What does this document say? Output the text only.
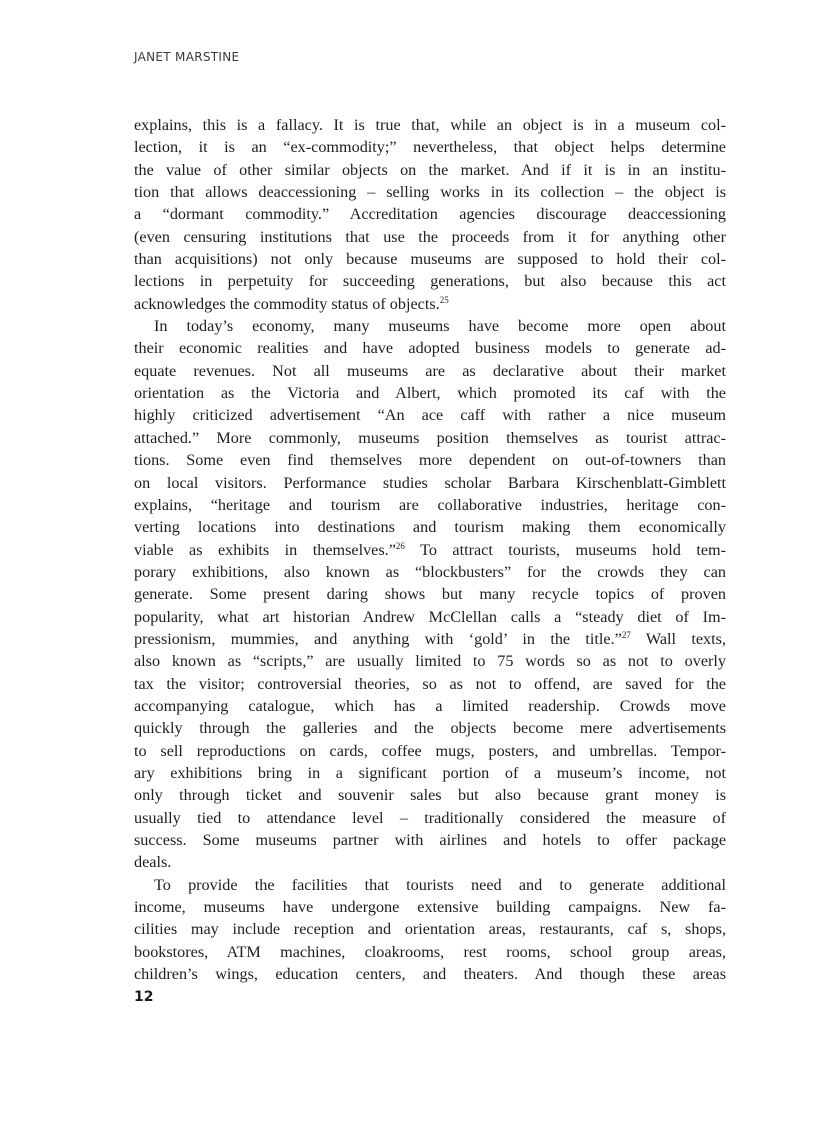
JANET MARSTINE
explains, this is a fallacy. It is true that, while an object is in a museum col-
lection, it is an “ex-commodity;” nevertheless, that object helps determine
the value of other similar objects on the market. And if it is in an institu-
tion that allows deaccessioning – selling works in its collection – the object is
a “dormant commodity.” Accreditation agencies discourage deaccessioning
(even censuring institutions that use the proceeds from it for anything other
than acquisitions) not only because museums are supposed to hold their col-
lections in perpetuity for succeeding generations, but also because this act
acknowledges the commodity status of objects.$^{25}$
In today’s economy, many museums have become more open about
their economic realities and have adopted business models to generate ad-
equate revenues. Not all museums are as declarative about their market
orientation as the Victoria and Albert, which promoted its caf with the
highly criticized advertisement “An ace caff with rather a nice museum
attached.” More commonly, museums position themselves as tourist attrac-
tions. Some even find themselves more dependent on out-of-towners than
on local visitors. Performance studies scholar Barbara Kirschenblatt-Gimblett
explains, “heritage and tourism are collaborative industries, heritage con-
verting locations into destinations and tourism making them economically
viable as exhibits in themselves.”$^{26}$ To attract tourists, museums hold tem-
porary exhibitions, also known as “blockbusters” for the crowds they can
generate. Some present daring shows but many recycle topics of proven
popularity, what art historian Andrew McClellan calls a “steady diet of Im-
pressionism, mummies, and anything with ‘gold’ in the title.”$^{27}$ Wall texts,
also known as “scripts,” are usually limited to 75 words so as not to overly
tax the visitor; controversial theories, so as not to offend, are saved for the
accompanying catalogue, which has a limited readership. Crowds move
quickly through the galleries and the objects become mere advertisements
to sell reproductions on cards, coffee mugs, posters, and umbrellas. Tempor-
ary exhibitions bring in a significant portion of a museum’s income, not
only through ticket and souvenir sales but also because grant money is
usually tied to attendance level – traditionally considered the measure of
success. Some museums partner with airlines and hotels to offer package
deals.
To provide the facilities that tourists need and to generate additional
income, museums have undergone extensive building campaigns. New fa-
cilities may include reception and orientation areas, restaurants, caf s, shops,
bookstores, ATM machines, cloakrooms, rest rooms, school group areas,
children’s wings, education centers, and theaters. And though these areas
12
